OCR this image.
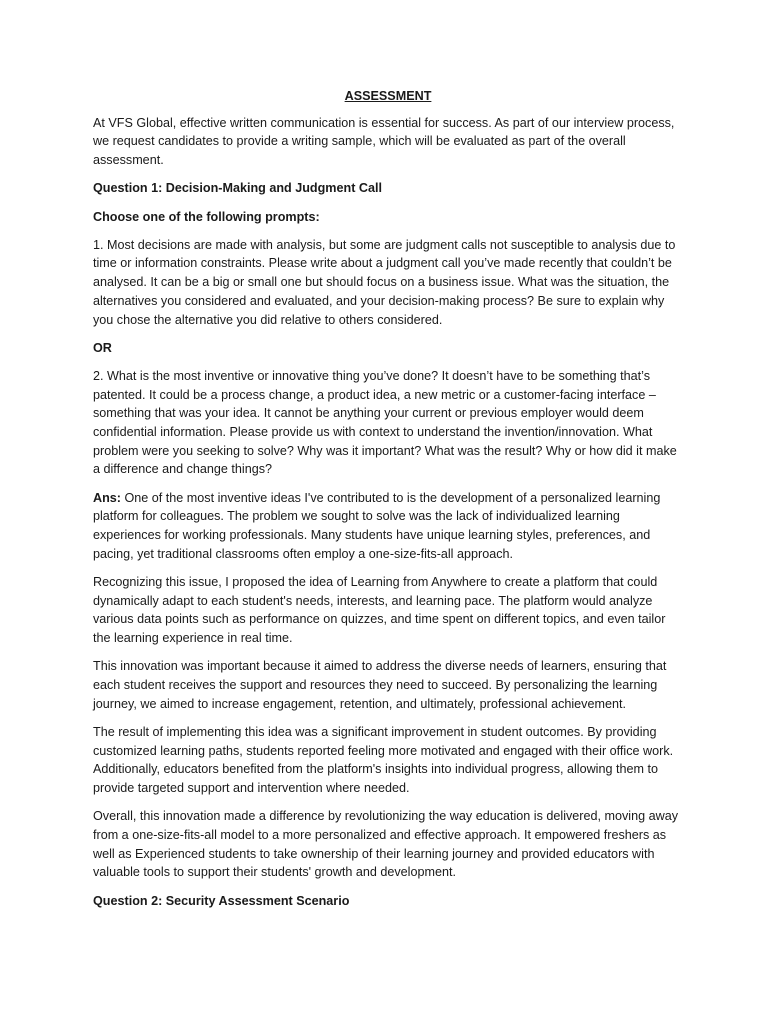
ASSESSMENT

At VFS Global, effective written communication is essential for success. As part of our interview process, we request candidates to provide a writing sample, which will be evaluated as part of the overall assessment.

Question 1: Decision-Making and Judgment Call

Choose one of the following prompts:

1. Most decisions are made with analysis, but some are judgment calls not susceptible to analysis due to time or information constraints. Please write about a judgment call you’ve made recently that couldn’t be analysed. It can be a big or small one but should focus on a business issue. What was the situation, the alternatives you considered and evaluated, and your decision-making process? Be sure to explain why you chose the alternative you did relative to others considered.

OR

2. What is the most inventive or innovative thing you’ve done? It doesn’t have to be something that’s patented. It could be a process change, a product idea, a new metric or a customer-facing interface – something that was your idea. It cannot be anything your current or previous employer would deem confidential information. Please provide us with context to understand the invention/innovation. What problem were you seeking to solve? Why was it important? What was the result? Why or how did it make a difference and change things?

Ans: One of the most inventive ideas I've contributed to is the development of a personalized learning platform for colleagues. The problem we sought to solve was the lack of individualized learning experiences for working professionals. Many students have unique learning styles, preferences, and pacing, yet traditional classrooms often employ a one-size-fits-all approach.

Recognizing this issue, I proposed the idea of Learning from Anywhere to create a platform that could dynamically adapt to each student's needs, interests, and learning pace. The platform would analyze various data points such as performance on quizzes, and time spent on different topics, and even tailor the learning experience in real time.

This innovation was important because it aimed to address the diverse needs of learners, ensuring that each student receives the support and resources they need to succeed. By personalizing the learning journey, we aimed to increase engagement, retention, and ultimately, professional achievement.

The result of implementing this idea was a significant improvement in student outcomes. By providing customized learning paths, students reported feeling more motivated and engaged with their office work. Additionally, educators benefited from the platform's insights into individual progress, allowing them to provide targeted support and intervention where needed.

Overall, this innovation made a difference by revolutionizing the way education is delivered, moving away from a one-size-fits-all model to a more personalized and effective approach. It empowered freshers as well as Experienced students to take ownership of their learning journey and provided educators with valuable tools to support their students' growth and development.

Question 2: Security Assessment Scenario
